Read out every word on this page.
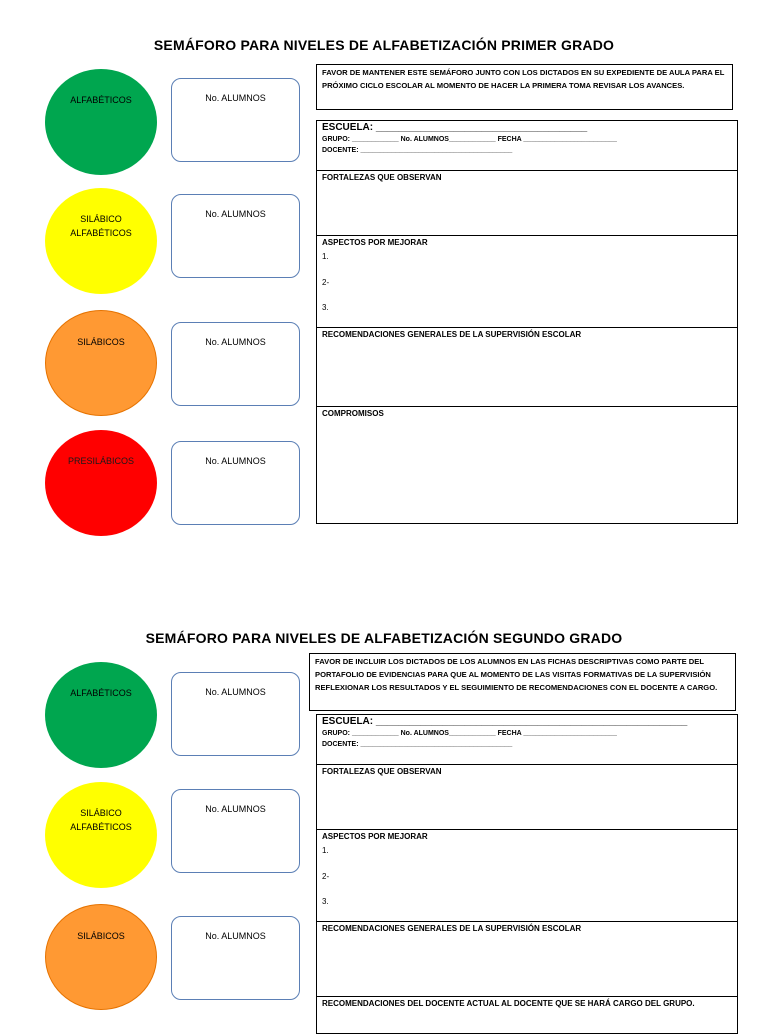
SEMÁFORO PARA NIVELES DE ALFABETIZACIÓN PRIMER GRADO
ALFABÉTICOS
SILÁBICO
ALFABÉTICOS
SILÁBICOS
PRESILÁBICOS
No. ALUMNOS
No. ALUMNOS
No. ALUMNOS
No. ALUMNOS
FAVOR DE MANTENER ESTE SEMÁFORO JUNTO CON LOS DICTADOS EN SU EXPEDIENTE DE AULA PARA EL PRÓXIMO CICLO ESCOLAR AL MOMENTO DE HACER LA PRIMERA TOMA REVISAR LOS AVANCES.
ESCUELA: ______________________________________
GRUPO: ____________ No. ALUMNOS____________ FECHA ________________________
DOCENTE: _______________________________________
FORTALEZAS QUE OBSERVAN
ASPECTOS POR MEJORAR
1.
2-
3.
RECOMENDACIONES GENERALES DE LA SUPERVISIÓN ESCOLAR
COMPROMISOS
SEMÁFORO PARA NIVELES DE ALFABETIZACIÓN SEGUNDO GRADO
ALFABÉTICOS
SILÁBICO
ALFABÉTICOS
SILÁBICOS
No. ALUMNOS
No. ALUMNOS
No. ALUMNOS
FAVOR DE INCLUIR LOS DICTADOS DE LOS ALUMNOS EN LAS FICHAS DESCRIPTIVAS COMO PARTE DEL PORTAFOLIO DE EVIDENCIAS PARA QUE AL MOMENTO DE LAS VISITAS FORMATIVAS DE LA SUPERVISIÓN REFLEXIONAR LOS RESULTADOS Y EL SEGUIMIENTO DE RECOMENDACIONES CON EL DOCENTE A CARGO.
ESCUELA: ________________________________________________________
GRUPO: ____________ No. ALUMNOS____________ FECHA ________________________
DOCENTE: _______________________________________
FORTALEZAS QUE OBSERVAN
ASPECTOS POR MEJORAR
1.
2-
3.
RECOMENDACIONES GENERALES DE LA SUPERVISIÓN ESCOLAR
RECOMENDACIONES DEL DOCENTE ACTUAL AL DOCENTE QUE SE HARÁ CARGO DEL GRUPO.
